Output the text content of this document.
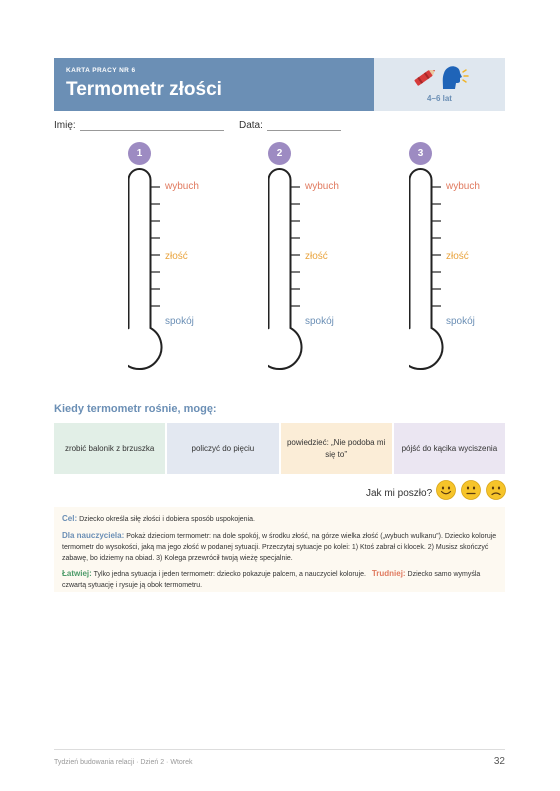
KARTA PRACY NR 6
Termometr złości	4–6 lat
Imię:	Data:
1
wybuch
złość
spokój
2
wybuch
złość
spokój
3
wybuch
złość
spokój
Kiedy termometr rośnie, mogę:
zrobić balonik z brzuszka	policzyć do pięciu
powiedzieć: „Nie podoba mi się to”
pójść do kącika wyciszenia
Jak mi poszło?
Cel: Dziecko określa siłę złości i dobiera sposób uspokojenia.
Dla nauczyciela: Pokaż dzieciom termometr: na dole spokój, w środku złość, na górze wielka złość („wybuch wulkanu”). Dziecko koloruje termometr do wysokości, jaką ma jego złość w podanej sytuacji. Przeczytaj sytuacje po kolei: 1) Ktoś zabrał ci klocek. 2) Musisz skończyć zabawę, bo idziemy na obiad. 3) Kolega przewrócił twoją wieżę specjalnie.
Łatwiej: Tylko jedna sytuacja i jeden termometr: dziecko pokazuje palcem, a nauczyciel koloruje. Trudniej: Dziecko samo wymyśla czwartą sytuację i rysuje ją obok termometru.
Tydzień budowania relacji · Dzień 2 · Wtorek	32
